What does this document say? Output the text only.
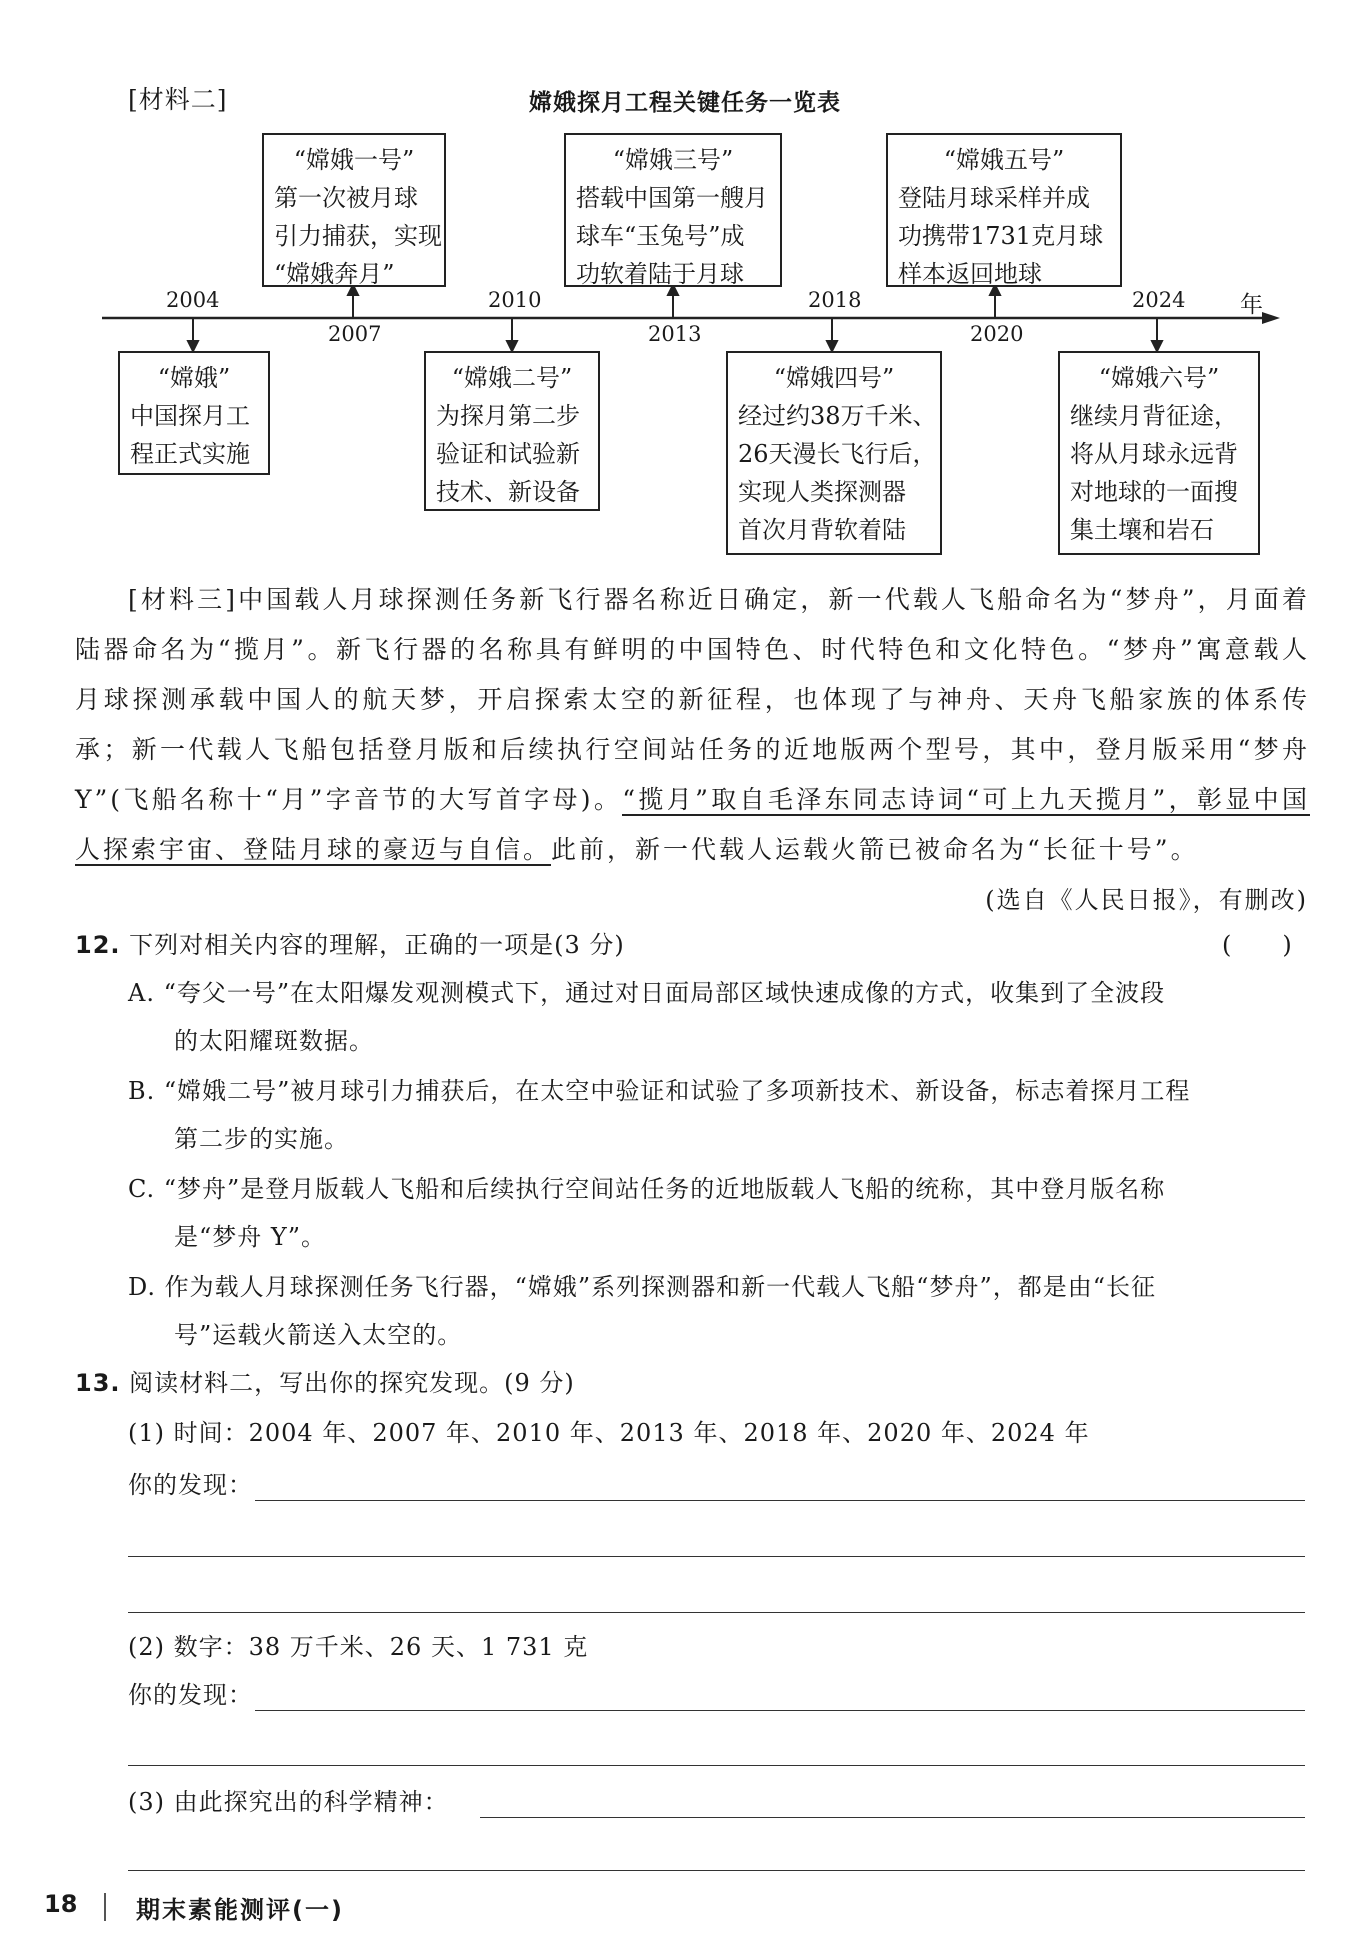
[材料二]	嫦娥探月工程关键任务一览表
2004	2010	2018	2024 年
2007	2013	2020
“嫦娥一号”
第一次被月球
引力捕获，实现
“嫦娥奔月”
“嫦娥三号”
搭载中国第一艘月
球车“玉兔号”成
功软着陆于月球
“嫦娥五号”
登陆月球采样并成
功携带1731克月球
样本返回地球
“嫦娥”
中国探月工
程正式实施
“嫦娥二号”
为探月第二步
验证和试验新
技术、新设备
“嫦娥四号”
经过约38万千米、
26天漫长飞行后，
实现人类探测器
首次月背软着陆
“嫦娥六号”
继续月背征途，
将从月球永远背
对地球的一面搜
集土壤和岩石
[材料三]中国载人月球探测任务新飞行器名称近日确定，新一代载人飞船命名为“梦舟”，月面着陆器命名为“揽月”。新飞行器的名称具有鲜明的中国特色、时代特色和文化特色。“梦舟”寓意载人月球探测承载中国人的航天梦，开启探索太空的新征程，也体现了与神舟、天舟飞船家族的体系传承；新一代载人飞船包括登月版和后续执行空间站任务的近地版两个型号，其中，登月版采用“梦舟Y”(飞船名称十“月”字音节的大写首字母)。“揽月”取自毛泽东同志诗词“可上九天揽月”，彰显中国人探索宇宙、登陆月球的豪迈与自信。此前，新一代载人运载火箭已被命名为“长征十号”。
(选自《人民日报》，有删改)
12. 下列对相关内容的理解，正确的一项是(3 分)	(　　)
A. “夸父一号”在太阳爆发观测模式下，通过对日面局部区域快速成像的方式，收集到了全波段
的太阳耀斑数据。
B. “嫦娥二号”被月球引力捕获后，在太空中验证和试验了多项新技术、新设备，标志着探月工程
第二步的实施。
C. “梦舟”是登月版载人飞船和后续执行空间站任务的近地版载人飞船的统称，其中登月版名称
是“梦舟 Y”。
D. 作为载人月球探测任务飞行器，“嫦娥”系列探测器和新一代载人飞船“梦舟”，都是由“长征
号”运载火箭送入太空的。
13. 阅读材料二，写出你的探究发现。(9 分)
(1) 时间：2004 年、2007 年、2010 年、2013 年、2018 年、2020 年、2024 年
你的发现：
(2) 数字：38 万千米、26 天、1 731 克
你的发现：
(3) 由此探究出的科学精神：
18 期末素能测评(一)
